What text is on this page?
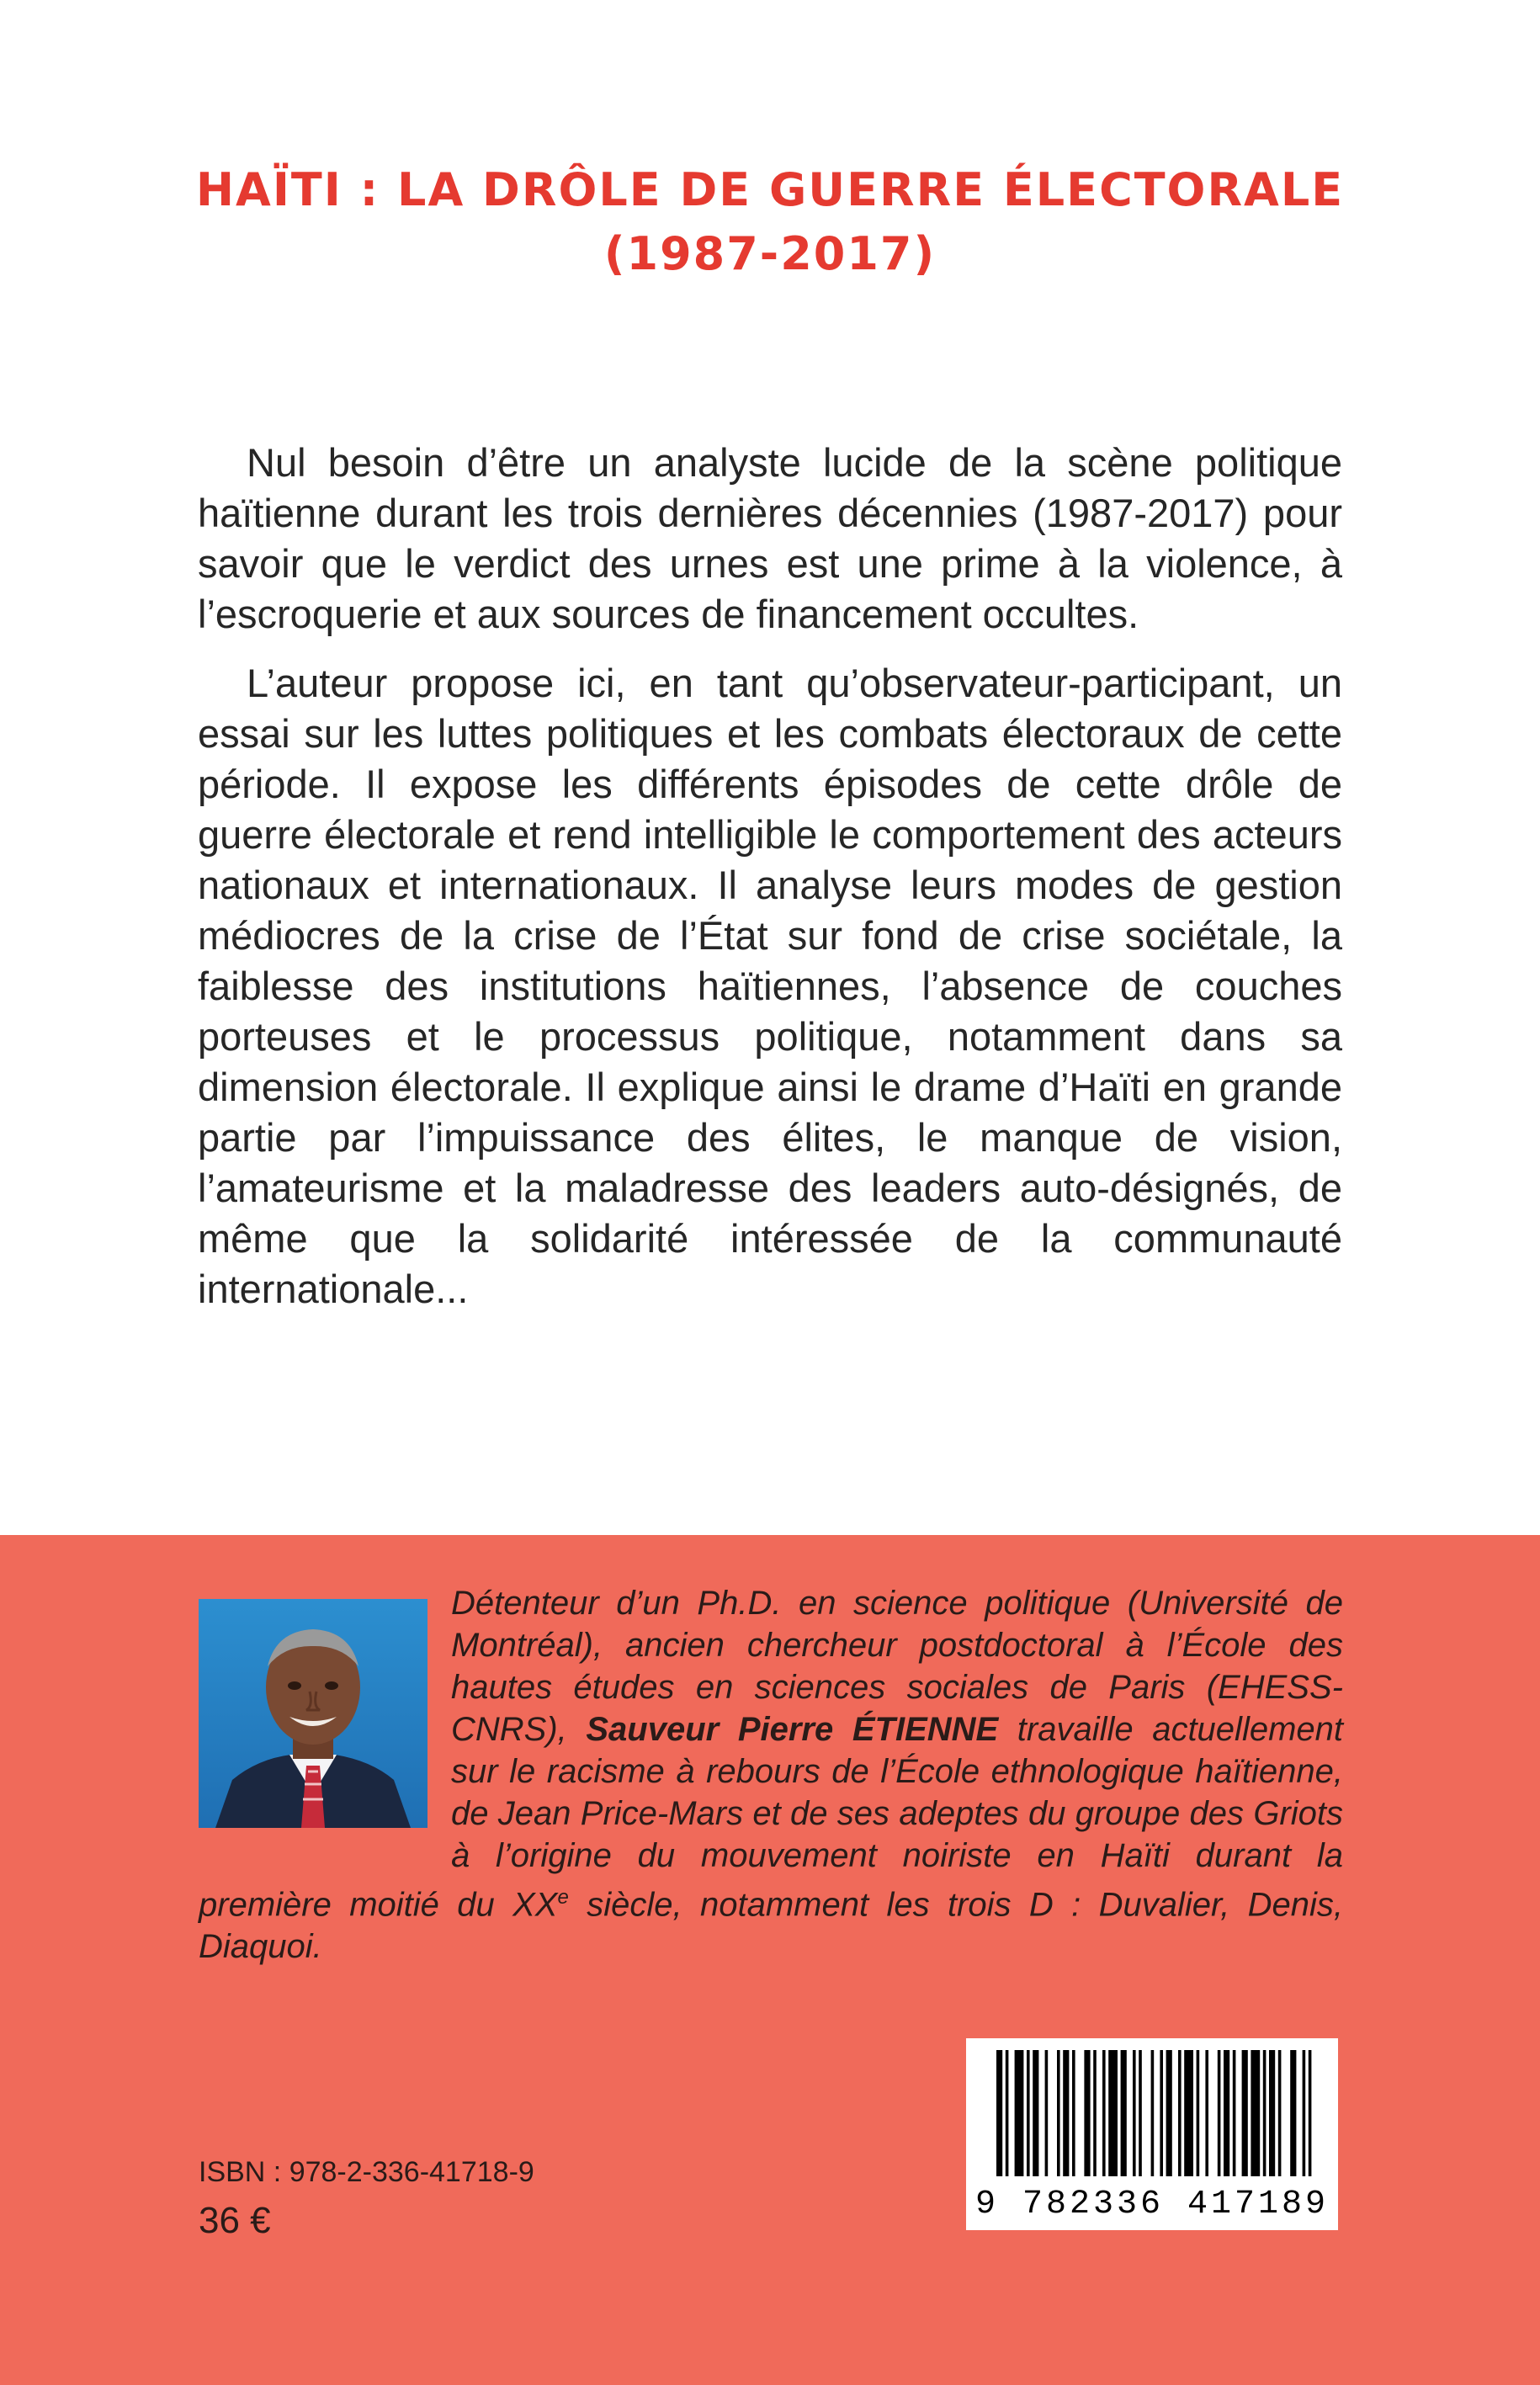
HAÏTI : LA DRÔLE DE GUERRE ÉLECTORALE
(1987-2017)

Nul besoin d’être un analyste lucide de la scène politique haïtienne durant les trois dernières décennies (1987-2017) pour savoir que le verdict des urnes est une prime à la violence, à l’escroquerie et aux sources de financement occultes.

L’auteur propose ici, en tant qu’observateur-participant, un essai sur les luttes politiques et les combats électoraux de cette période. Il expose les différents épisodes de cette drôle de guerre électorale et rend intelligible le comportement des acteurs nationaux et internationaux. Il analyse leurs modes de gestion médiocres de la crise de l’État sur fond de crise sociétale, la faiblesse des institutions haïtiennes, l’absence de couches porteuses et le processus politique, notamment dans sa dimension électorale. Il explique ainsi le drame d’Haïti en grande partie par l’impuissance des élites, le manque de vision, l’amateurisme et la maladresse des leaders auto-désignés, de même que la solidarité intéressée de la communauté internationale...

Détenteur d’un Ph.D. en science politique (Université de Montréal), ancien chercheur postdoctoral à l’École des hautes études en sciences sociales de Paris (EHESS-CNRS), Sauveur Pierre ÉTIENNE travaille actuellement sur le racisme à rebours de l’École ethnologique haïtienne, de Jean Price-Mars et de ses adeptes du groupe des Griots à l’origine du mouvement noiriste en Haïti durant la première moitié du XXe siècle, notamment les trois D : Duvalier, Denis, Diaquoi.
ISBN : 978-2-336-41718-9
36 €	9 782336 417189
